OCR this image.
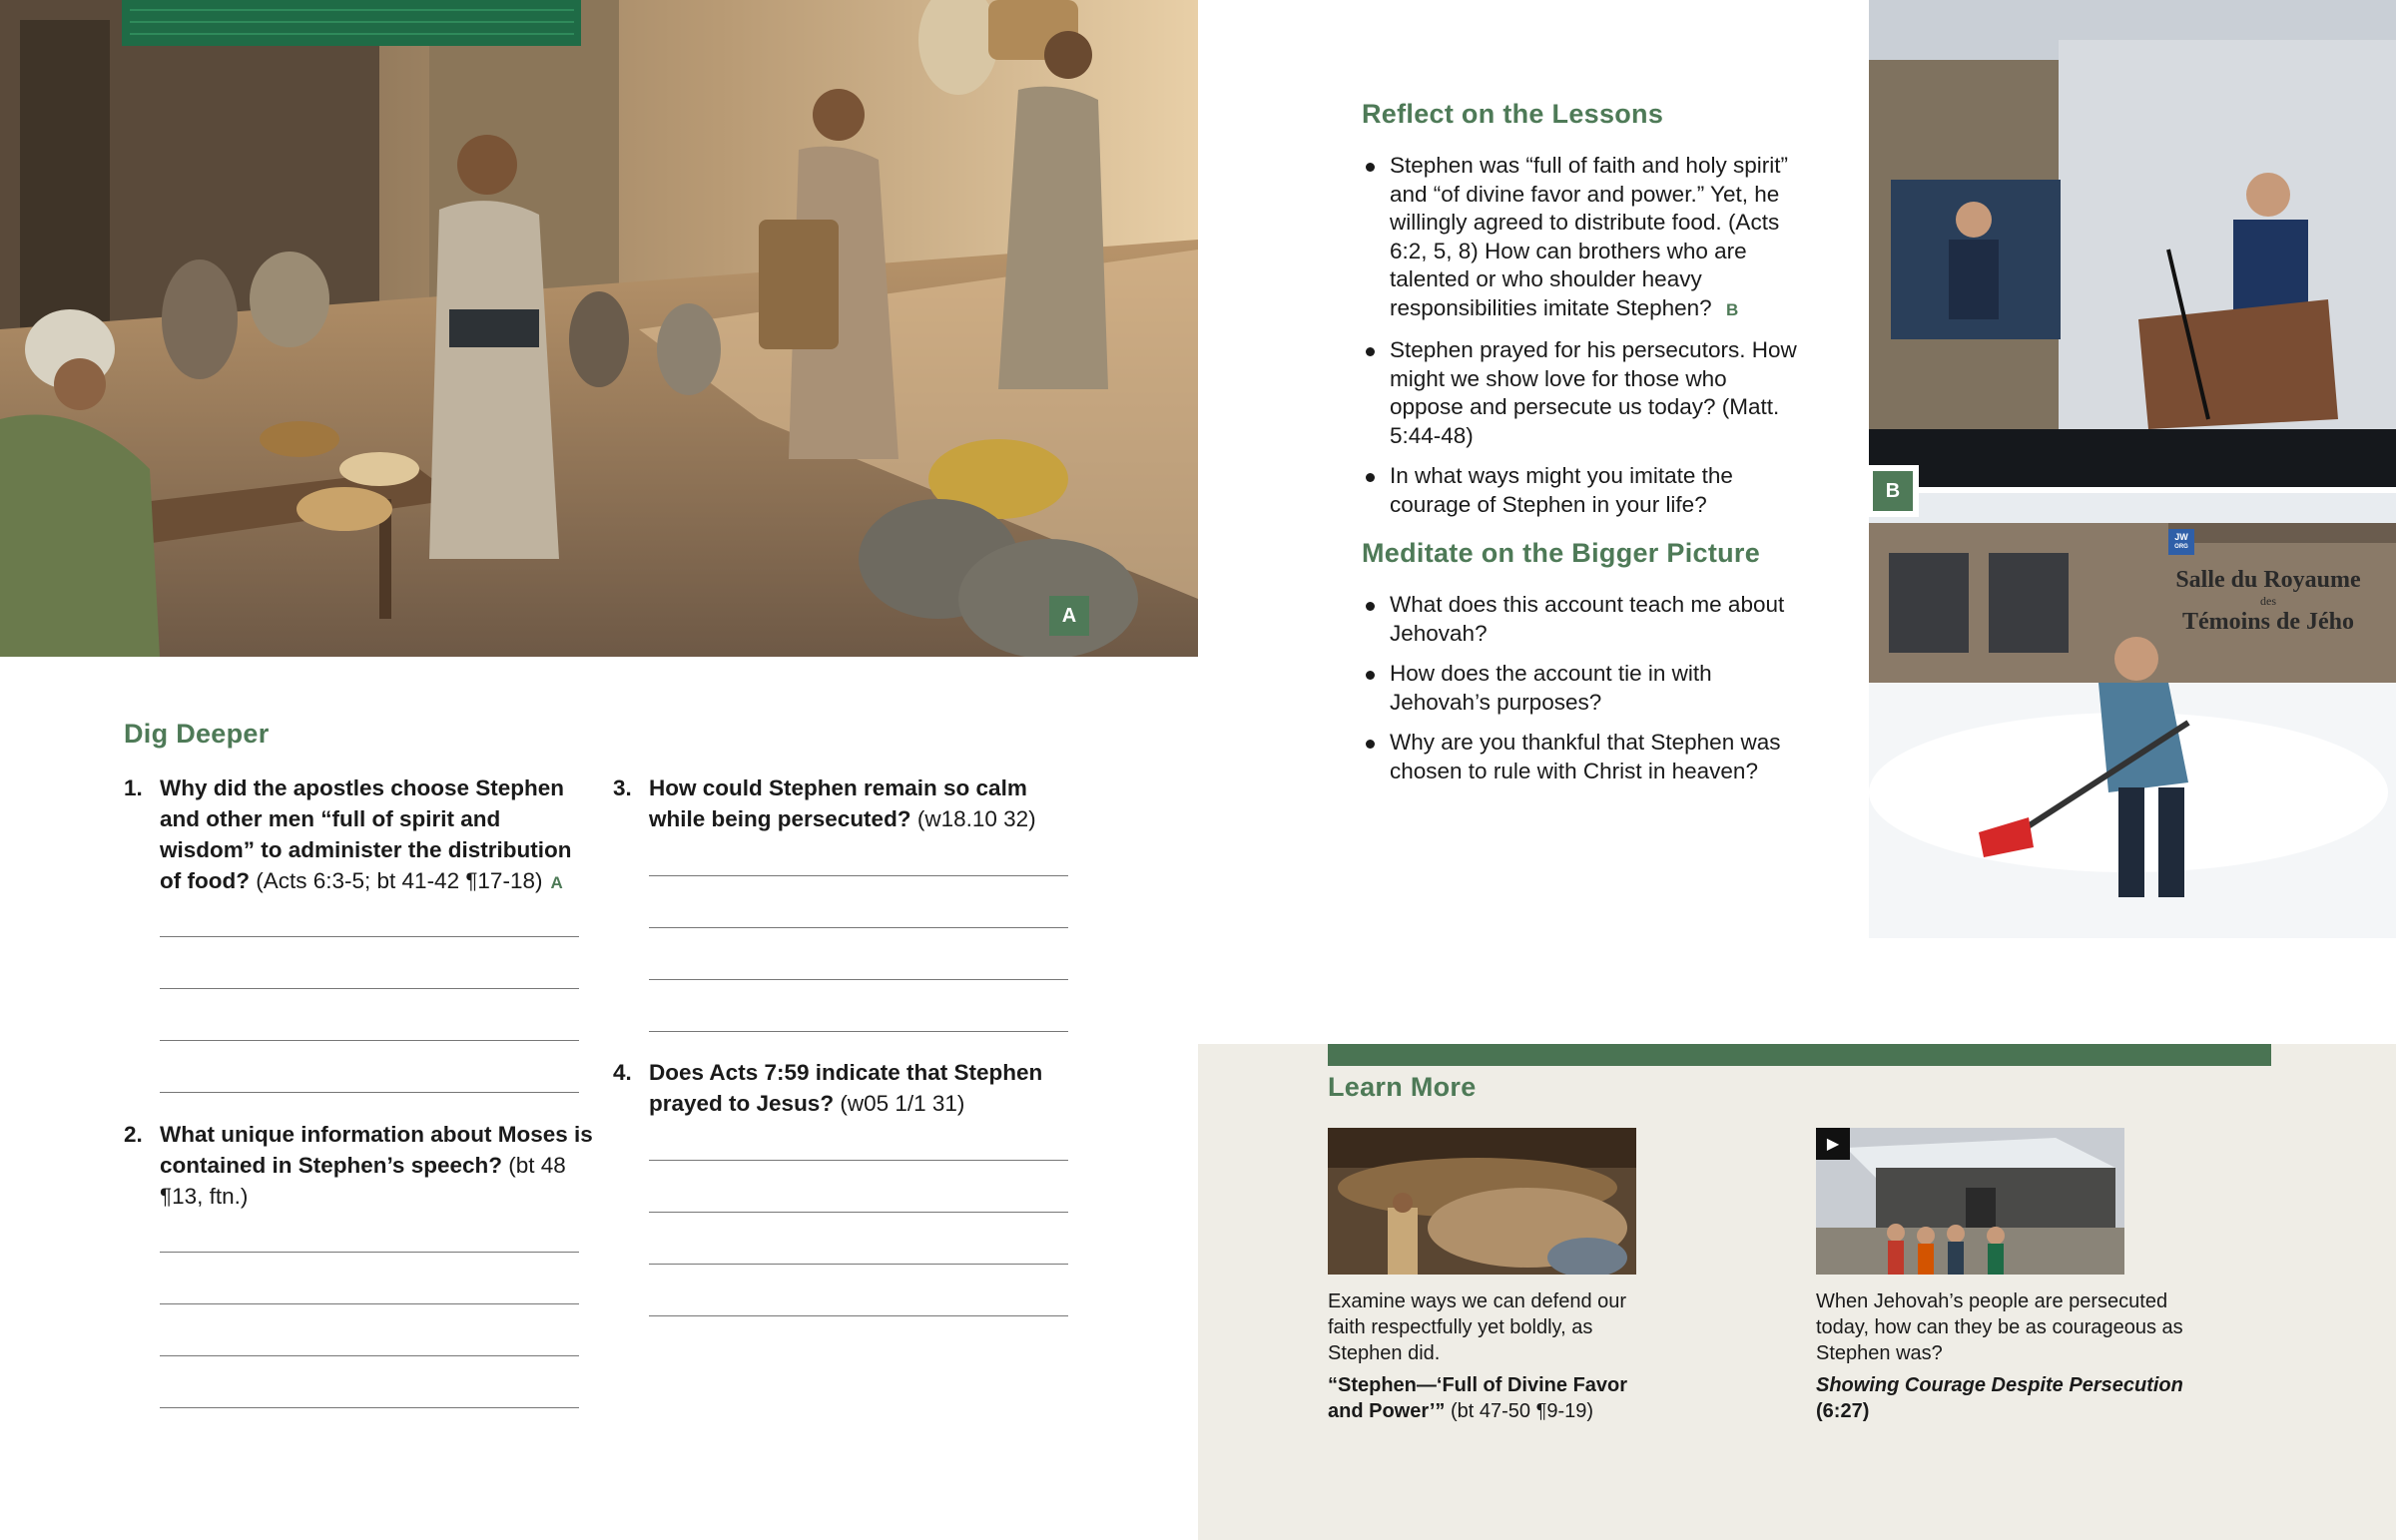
A
Dig Deeper
1. Why did the apostles choose Stephen and other men “full of spirit and wisdom” to administer the distribution of food? (Acts 6:3-5; bt 41-42 ¶17-18) A
2. What unique information about Moses is contained in Stephen’s speech? (bt 48 ¶13, ftn.)
3. How could Stephen remain so calm while being persecuted? (w18.10 32)
4. Does Acts 7:59 indicate that Stephen prayed to Jesus? (w05 1/1 31)
Reflect on the Lessons
Stephen was “full of faith and holy spirit” and “of divine favor and power.” Yet, he willingly agreed to distribute food. (Acts 6:2, 5, 8) How can brothers who are talented or who shoulder heavy responsibilities imitate Stephen? B
Stephen prayed for his persecutors. How might we show love for those who oppose and persecute us today? (Matt. 5:44-48)
In what ways might you imitate the courage of Stephen in your life?
Meditate on the Bigger Picture
What does this account teach me about Jehovah?
How does the account tie in with Jehovah’s purposes?
Why are you thankful that Stephen was chosen to rule with Christ in heaven?
Salle du Royaume
des
Témoins de Jého
JW
ORG
B
Learn More
Examine ways we can defend our faith respectfully yet boldly, as Stephen did.
“Stephen—‘Full of Divine Favor and Power’” (bt 47-50 ¶9-19)
▶
When Jehovah’s people are persecuted today, how can they be as courageous as Stephen was?
Showing Courage Despite Persecution (6:27)
